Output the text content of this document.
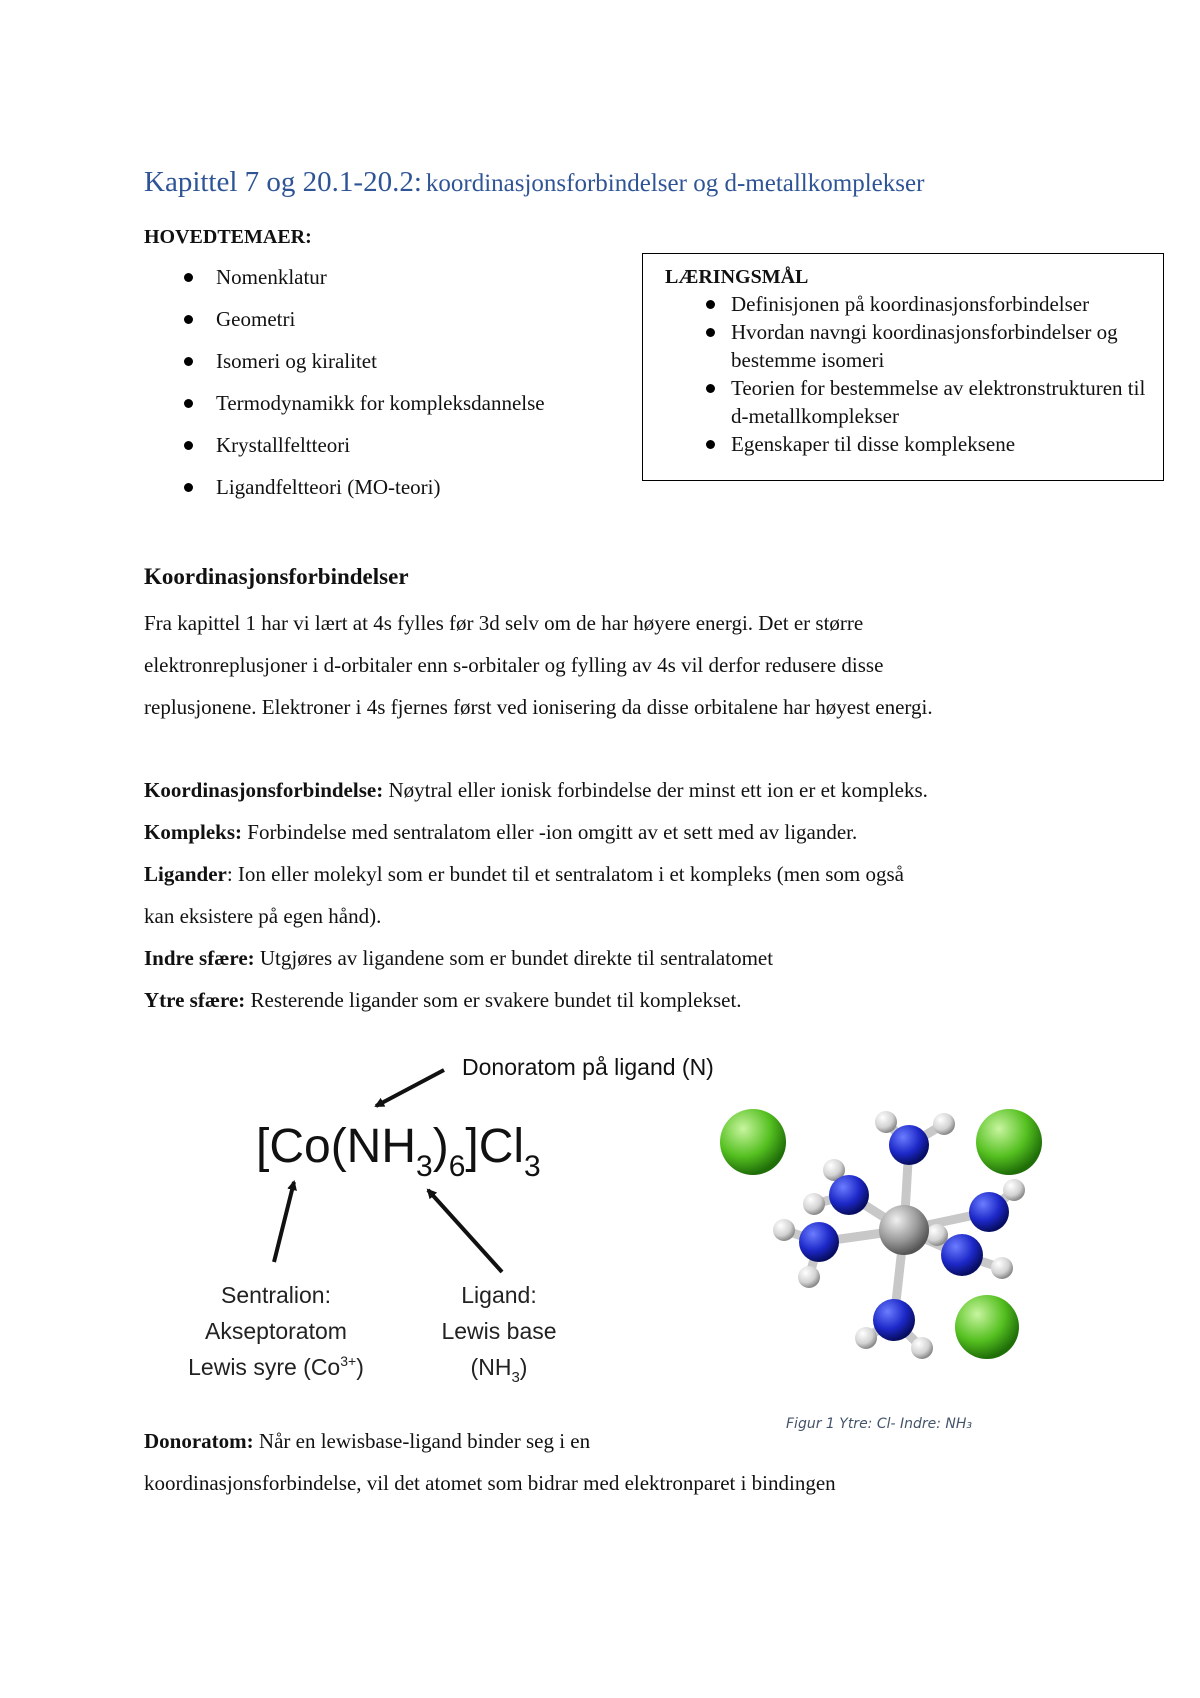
Kapittel 7 og 20.1-20.2: koordinasjonsforbindelser og d-metallkomplekser
HOVEDTEMAER:
Nomenklatur
Geometri
Isomeri og kiralitet
Termodynamikk for kompleksdannelse
Krystallfeltteori
Ligandfeltteori (MO-teori)
LÆRINGSMÅL
Definisjonen på koordinasjonsforbindelser
Hvordan navngi koordinasjonsforbindelser og bestemme isomeri
Teorien for bestemmelse av elektronstrukturen til d-metallkomplekser
Egenskaper til disse kompleksene
Koordinasjonsforbindelser
Fra kapittel 1 har vi lært at 4s fylles før 3d selv om de har høyere energi. Det er større
elektronreplusjoner i d-orbitaler enn s-orbitaler og fylling av 4s vil derfor redusere disse
replusjonene. Elektroner i 4s fjernes først ved ionisering da disse orbitalene har høyest energi.
Koordinasjonsforbindelse: Nøytral eller ionisk forbindelse der minst ett ion er et kompleks.
Kompleks: Forbindelse med sentralatom eller -ion omgitt av et sett med av ligander.
Ligander: Ion eller molekyl som er bundet til et sentralatom i et kompleks (men som også
kan eksistere på egen hånd).
Indre sfære: Utgjøres av ligandene som er bundet direkte til sentralatomet
Ytre sfære: Resterende ligander som er svakere bundet til komplekset.
$[Co(NH_3)_6]Cl_3$
Donoratom på ligand (N)
Sentralion:
Akseptoratom
Lewis syre $(Co^{3+})$
Ligand:
Lewis base
$(NH_3)$
Figur 1 Ytre: Cl- Indre: NH₃
Donoratom: Når en lewisbase-ligand binder seg i en
koordinasjonsforbindelse, vil det atomet som bidrar med elektronparet i bindingen
